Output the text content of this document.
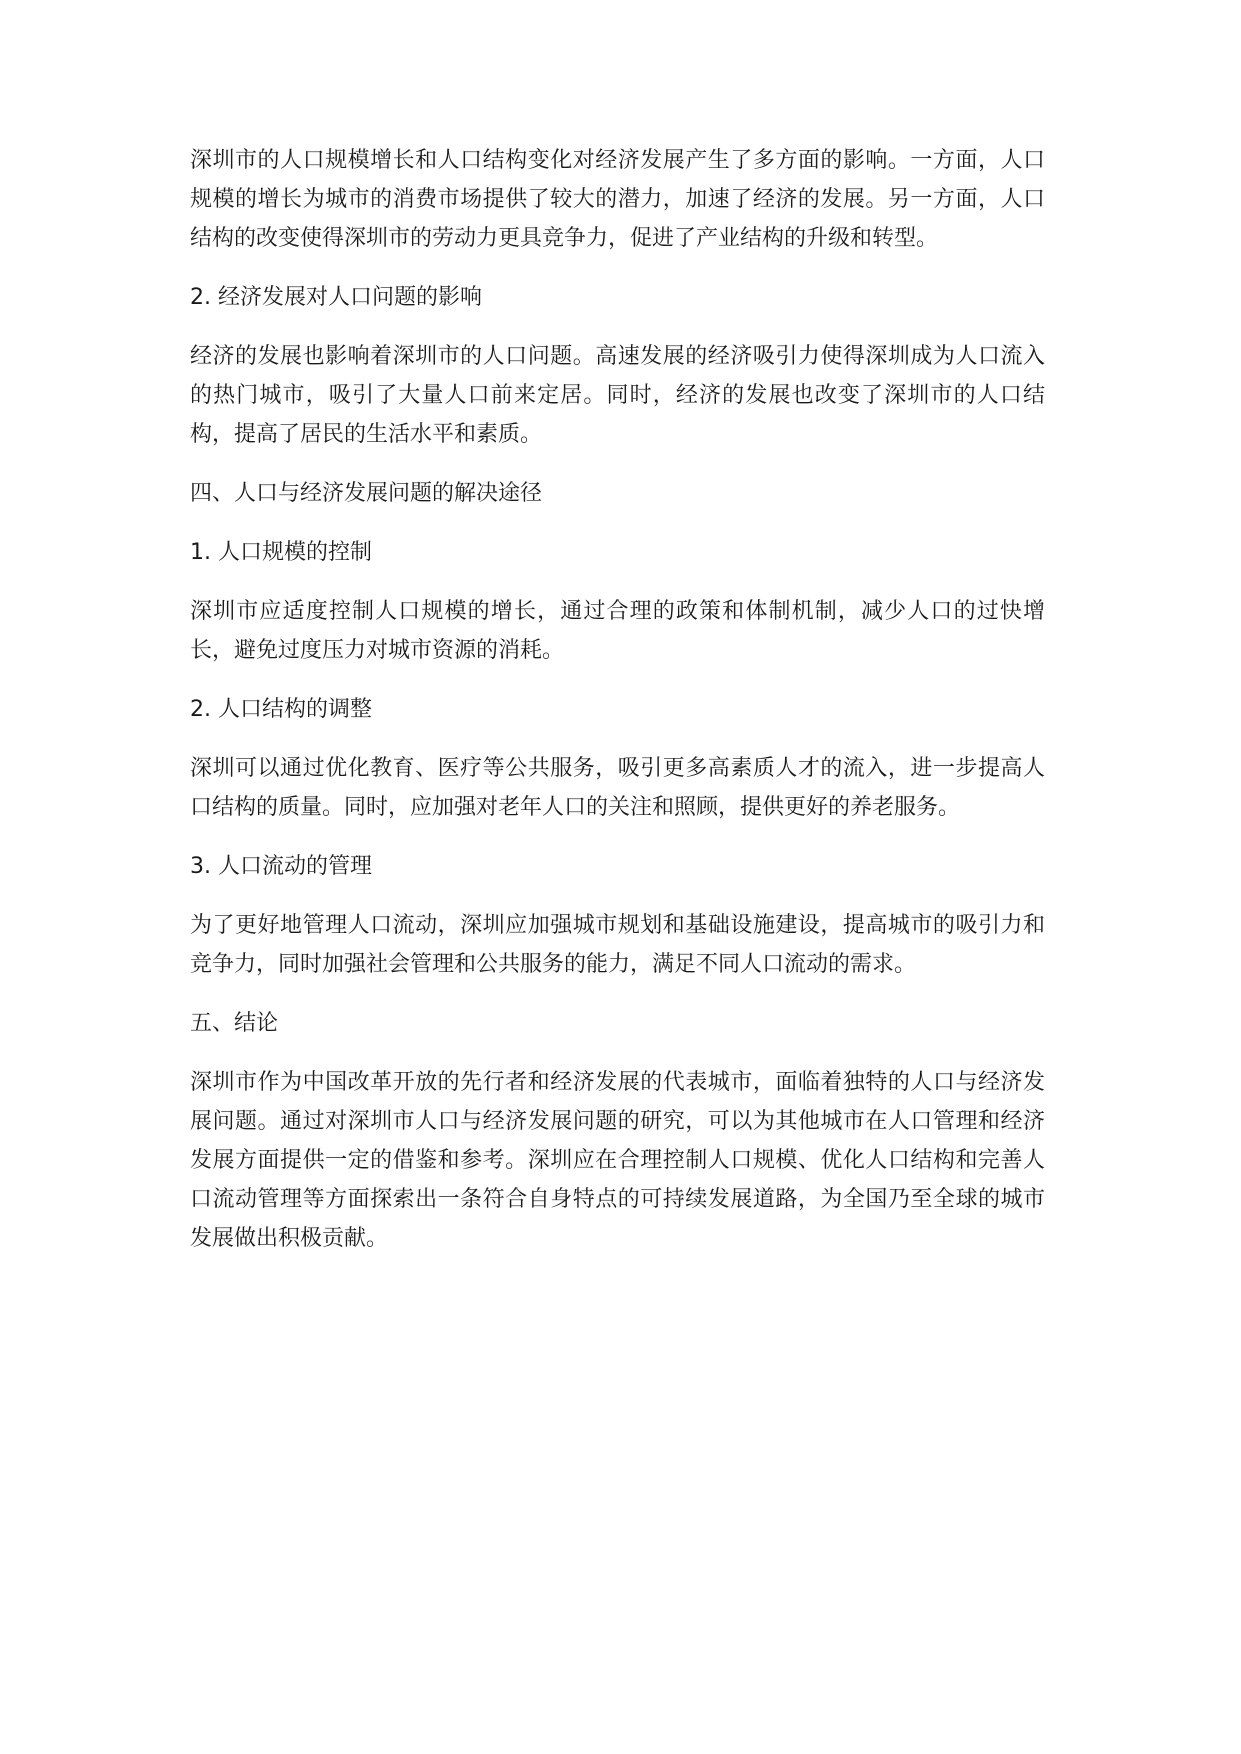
深圳市的人口规模增长和人口结构变化对经济发展产生了多方面的影响。一方面，人口规模的增长为城市的消费市场提供了较大的潜力，加速了经济的发展。另一方面，人口结构的改变使得深圳市的劳动力更具竞争力，促进了产业结构的升级和转型。

2. 经济发展对人口问题的影响

经济的发展也影响着深圳市的人口问题。高速发展的经济吸引力使得深圳成为人口流入的热门城市，吸引了大量人口前来定居。同时，经济的发展也改变了深圳市的人口结构，提高了居民的生活水平和素质。

四、人口与经济发展问题的解决途径

1. 人口规模的控制

深圳市应适度控制人口规模的增长，通过合理的政策和体制机制，减少人口的过快增长，避免过度压力对城市资源的消耗。

2. 人口结构的调整

深圳可以通过优化教育、医疗等公共服务，吸引更多高素质人才的流入，进一步提高人口结构的质量。同时，应加强对老年人口的关注和照顾，提供更好的养老服务。

3. 人口流动的管理

为了更好地管理人口流动，深圳应加强城市规划和基础设施建设，提高城市的吸引力和竞争力，同时加强社会管理和公共服务的能力，满足不同人口流动的需求。

五、结论

深圳市作为中国改革开放的先行者和经济发展的代表城市，面临着独特的人口与经济发展问题。通过对深圳市人口与经济发展问题的研究，可以为其他城市在人口管理和经济发展方面提供一定的借鉴和参考。深圳应在合理控制人口规模、优化人口结构和完善人口流动管理等方面探索出一条符合自身特点的可持续发展道路，为全国乃至全球的城市发展做出积极贡献。
